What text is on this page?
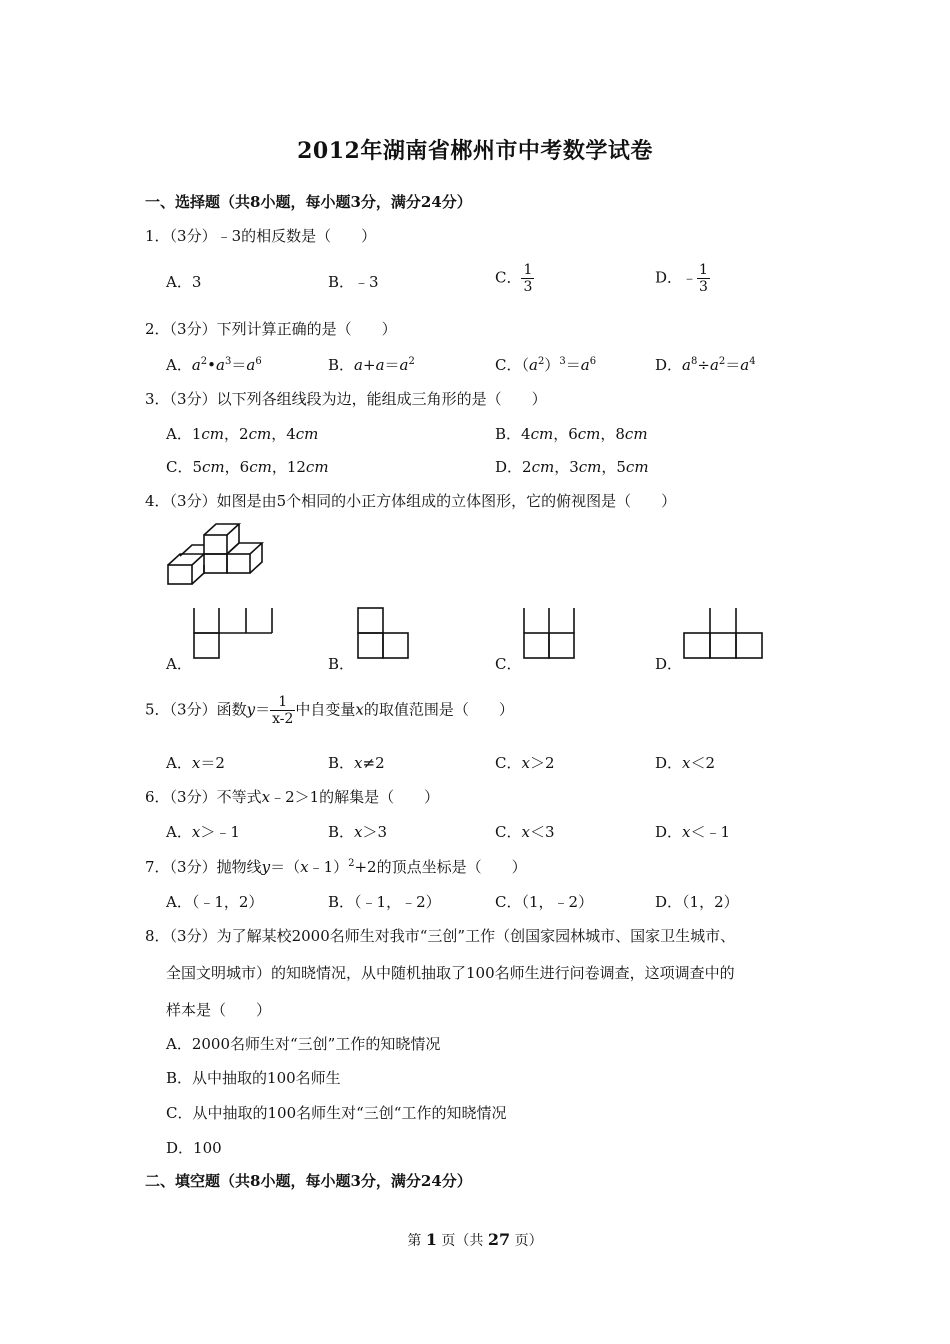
2012年湖南省郴州市中考数学试卷
一、选择题（共8小题，每小题3分，满分24分）
1．（3分）﹣3的相反数是（　　）
A．3	B．﹣3	C． $\frac{1}{3}$	D．﹣ $\frac{1}{3}$
2．（3分）下列计算正确的是（　　）
A．$a^2•a^3=a^6$	B．$a+a=a^2$	C．$(a^2)^3=a^6$	D．$a^8\div a^2=a^4$
3．（3分）以下列各组线段为边，能组成三角形的是（　　）
A．1cm，2cm，4cm	B．4cm，6cm，8cm
C．5cm，6cm，12cm	D．2cm，3cm，5cm
4．（3分）如图是由5个相同的小正方体组成的立体图形，它的俯视图是（　　）
A．	B．	C．	D．
5．（3分）函数$y= \frac{1}{x-2}$ 中自变量x的取值范围是（　　）
A．x＝2	B．x≠2	C．x＞2	D．x＜2
6．（3分）不等式x﹣2＞1的解集是（　　）
A．x＞﹣1	B．x＞3	C．x＜3	D．x＜﹣1
7．（3分）抛物线y＝（x﹣1）$^2$+2的顶点坐标是（　　）
A．（﹣1，2）	B．（﹣1，﹣2）	C．（1，﹣2）	D．（1，2）
8．（3分）为了解某校2000名师生对我市“三创”工作（创国家园林城市、国家卫生城市、
全国文明城市）的知晓情况，从中随机抽取了100名师生进行问卷调查，这项调查中的
样本是（　　）
A．2000名师生对“三创”工作的知晓情况
B．从中抽取的100名师生
C．从中抽取的100名师生对“三创“工作的知晓情况
D．100
二、填空题（共8小题，每小题3分，满分24分）
第 1 页（共 27 页）
